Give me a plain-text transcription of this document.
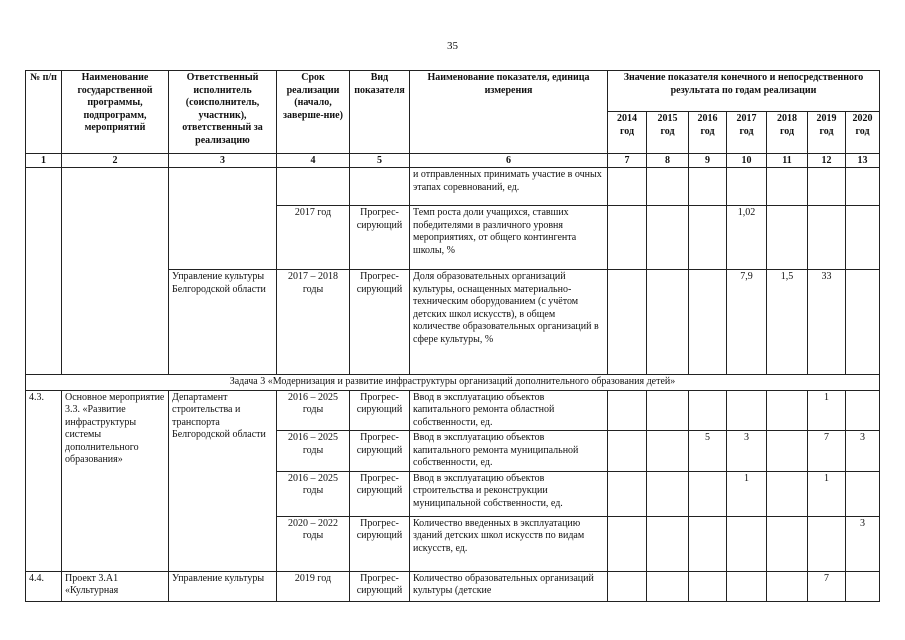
35
№ п/п	Наименование государственной программы, подпрограмм, мероприятий	Ответственный исполнитель (соисполнитель, участник), ответственный за реализацию	Срок реализации (начало, заверше-ние)	Вид показателя	Наименование показателя, единица измерения	Значение показателя конечного и непосредственного результата по годам реализации						
						2014 год	2015 год	2016 год	2017 год	2018 год	2019 год	2020 год
1	2	3	4	5	6	7	8	9	10	11	12	13
					и отправленных принимать участие в очных этапах соревнований, ед.							
			2017 год	Прогрес-сирующий	Темп роста доли учащихся, ставших победителями в различного уровня мероприятиях, от общего контингента школы, %				1,02			
		Управление культуры Белгородской области	2017 – 2018 годы	Прогрес-сирующий	Доля образовательных организаций культуры, оснащенных материально-техническим оборудованием (с учётом детских школ искусств), в общем количестве образовательных организаций в сфере культуры, %				7,9	1,5	33	
Задача 3 «Модернизация и развитие инфраструктуры организаций дополнительного образования детей»												
4.3.	Основное мероприятие 3.3. «Развитие инфраструктуры системы дополнительного образования»	Департамент строительства и транспорта Белгородской области	2016 – 2025 годы	Прогрес-сирующий	Ввод в эксплуатацию объектов капитального ремонта областной собственности, ед.						1	
			2016 – 2025 годы	Прогрес-сирующий	Ввод в эксплуатацию объектов капитального ремонта муниципальной собственности, ед.			5	3		7	3
			2016 – 2025 годы	Прогрес-сирующий	Ввод в эксплуатацию объектов строительства и реконструкции муниципальной собственности, ед.				1		1	
			2020 – 2022 годы	Прогрес-сирующий	Количество введенных в эксплуатацию зданий детских школ искусств по видам искусств, ед.							3
4.4.	Проект 3.А1 «Культурная	Управление культуры	2019 год	Прогрес-сирующий	Количество образовательных организаций культуры (детские						7	
